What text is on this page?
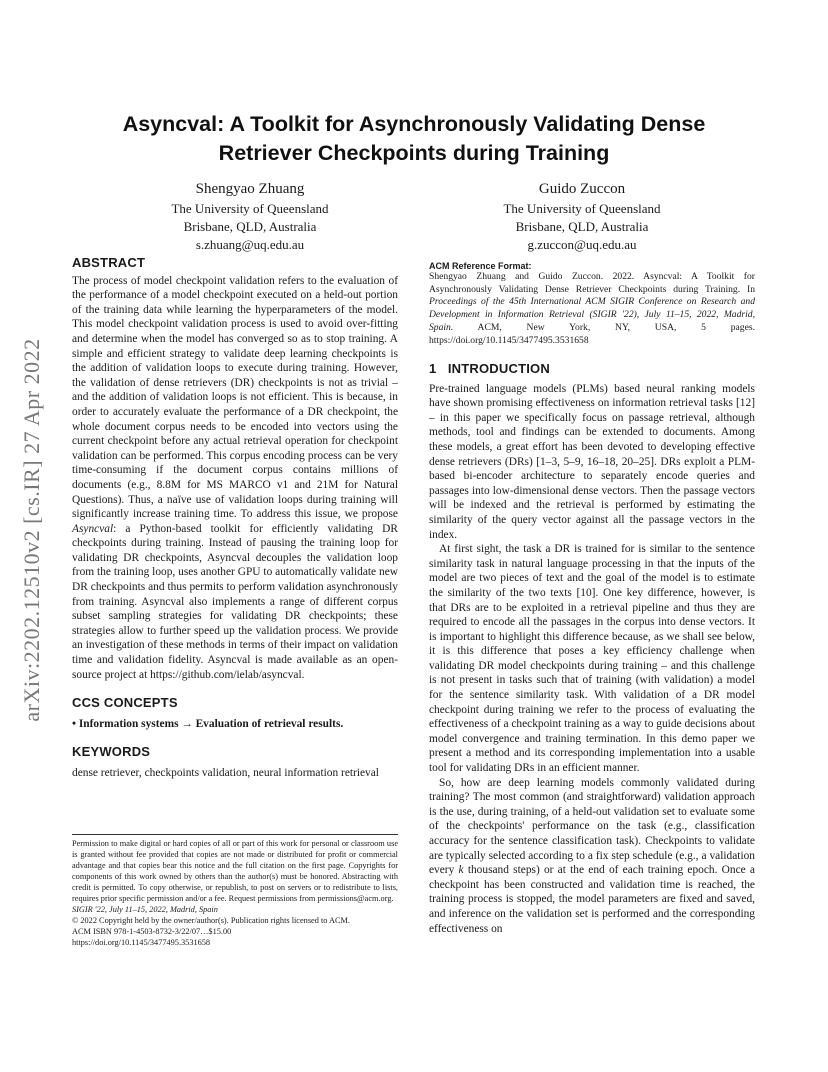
arXiv:2202.12510v2 [cs.IR] 27 Apr 2022
Asyncval: A Toolkit for Asynchronously Validating Dense
Retriever Checkpoints during Training
Shengyao Zhuang
The University of Queensland
Brisbane, QLD, Australia
s.zhuang@uq.edu.au
Guido Zuccon
The University of Queensland
Brisbane, QLD, Australia
g.zuccon@uq.edu.au
ABSTRACT

The process of model checkpoint validation refers to the evaluation of the performance of a model checkpoint executed on a held-out portion of the training data while learning the hyperparameters of the model. This model checkpoint validation process is used to avoid over-fitting and determine when the model has converged so as to stop training. A simple and efficient strategy to validate deep learning checkpoints is the addition of validation loops to execute during training. However, the validation of dense retrievers (DR) checkpoints is not as trivial – and the addition of validation loops is not efficient. This is because, in order to accurately evaluate the performance of a DR checkpoint, the whole document corpus needs to be encoded into vectors using the current checkpoint before any actual retrieval operation for checkpoint validation can be performed. This corpus encoding process can be very time-consuming if the document corpus contains millions of documents (e.g., 8.8M for MS MARCO v1 and 21M for Natural Questions). Thus, a naïve use of validation loops during training will significantly increase training time. To address this issue, we propose Asyncval: a Python-based toolkit for efficiently validating DR checkpoints during training. Instead of pausing the training loop for validating DR checkpoints, Asyncval decouples the validation loop from the training loop, uses another GPU to automatically validate new DR checkpoints and thus permits to perform validation asynchronously from training. Asyncval also implements a range of different corpus subset sampling strategies for validating DR checkpoints; these strategies allow to further speed up the validation process. We provide an investigation of these methods in terms of their impact on validation time and validation fidelity. Asyncval is made available as an open-source project at https://github.com/ielab/asyncval.

CCS CONCEPTS

• Information systems → Evaluation of retrieval results.

KEYWORDS

dense retriever, checkpoints validation, neural information retrieval

Permission to make digital or hard copies of all or part of this work for personal or classroom use is granted without fee provided that copies are not made or distributed for profit or commercial advantage and that copies bear this notice and the full citation on the first page. Copyrights for components of this work owned by others than the author(s) must be honored. Abstracting with credit is permitted. To copy otherwise, or republish, to post on servers or to redistribute to lists, requires prior specific permission and/or a fee. Request permissions from permissions@acm.org.
SIGIR '22, July 11–15, 2022, Madrid, Spain
© 2022 Copyright held by the owner/author(s). Publication rights licensed to ACM.
ACM ISBN 978-1-4503-8732-3/22/07…$15.00
https://doi.org/10.1145/3477495.3531658
ACM Reference Format:
Shengyao Zhuang and Guido Zuccon. 2022. Asyncval: A Toolkit for Asynchronously Validating Dense Retriever Checkpoints during Training. In Proceedings of the 45th International ACM SIGIR Conference on Research and Development in Information Retrieval (SIGIR '22), July 11–15, 2022, Madrid, Spain. ACM, New York, NY, USA, 5 pages. https://doi.org/10.1145/3477495.3531658
1   INTRODUCTION

Pre-trained language models (PLMs) based neural ranking models have shown promising effectiveness on information retrieval tasks [12] – in this paper we specifically focus on passage retrieval, although methods, tool and findings can be extended to documents. Among these models, a great effort has been devoted to developing effective dense retrievers (DRs) [1–3, 5–9, 16–18, 20–25]. DRs exploit a PLM-based bi-encoder architecture to separately encode queries and passages into low-dimensional dense vectors. Then the passage vectors will be indexed and the retrieval is performed by estimating the similarity of the query vector against all the passage vectors in the index.

At first sight, the task a DR is trained for is similar to the sentence similarity task in natural language processing in that the inputs of the model are two pieces of text and the goal of the model is to estimate the similarity of the two texts [10]. One key difference, however, is that DRs are to be exploited in a retrieval pipeline and thus they are required to encode all the passages in the corpus into dense vectors. It is important to highlight this difference because, as we shall see below, it is this difference that poses a key efficiency challenge when validating DR model checkpoints during training – and this challenge is not present in tasks such that of training (with validation) a model for the sentence similarity task. With validation of a DR model checkpoint during training we refer to the process of evaluating the effectiveness of a checkpoint training as a way to guide decisions about model convergence and training termination. In this demo paper we present a method and its corresponding implementation into a usable tool for validating DRs in an efficient manner.

So, how are deep learning models commonly validated during training? The most common (and straightforward) validation approach is the use, during training, of a held-out validation set to evaluate some of the checkpoints' performance on the task (e.g., classification accuracy for the sentence classification task). Checkpoints to validate are typically selected according to a fix step schedule (e.g., a validation every k thousand steps) or at the end of each training epoch. Once a checkpoint has been constructed and validation time is reached, the training process is stopped, the model parameters are fixed and saved, and inference on the validation set is performed and the corresponding effectiveness on
